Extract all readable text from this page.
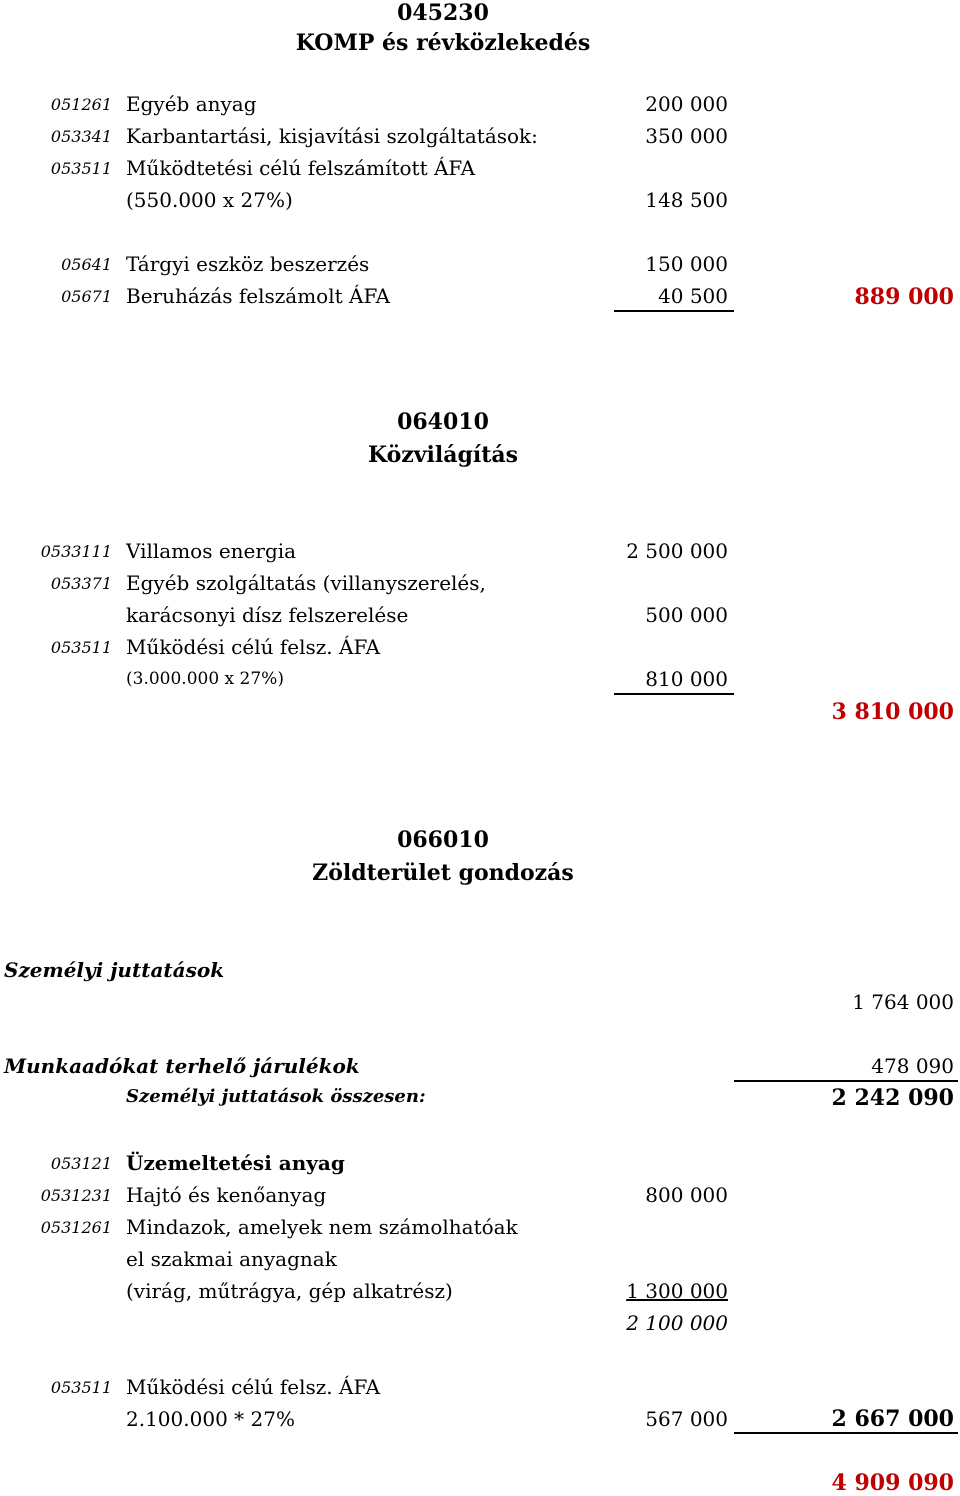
045230
KOMP és révközlekedés
051261 Egyéb anyag	200 000
053341 Karbantartási, kisjavítási szolgáltatások:	350 000
053511 Működtetési célú felszámított ÁFA
(550.000 x 27%)	148 500
05641 Tárgyi eszköz beszerzés	150 000
05671 Beruházás felszámolt ÁFA	40 500	889 000
064010
Közvilágítás
0533111 Villamos energia	2 500 000
053371 Egyéb szolgáltatás (villanyszerelés,
karácsonyi dísz felszerelése	500 000
053511 Működési célú felsz. ÁFA
(3.000.000 x 27%)	810 000
3 810 000
066010
Zöldterület gondozás
Személyi juttatások
1 764 000
Munkaadókat terhelő járulékok	478 090
Személyi juttatások összesen:	2 242 090
053121 Üzemeltetési anyag
0531231 Hajtó és kenőanyag	800 000
0531261 Mindazok, amelyek nem számolhatóak
el szakmai anyagnak
(virág, műtrágya, gép alkatrész)	1 300 000
2 100 000
053511 Működési célú felsz. ÁFA
2.100.000 * 27%	567 000	2 667 000
4 909 090
